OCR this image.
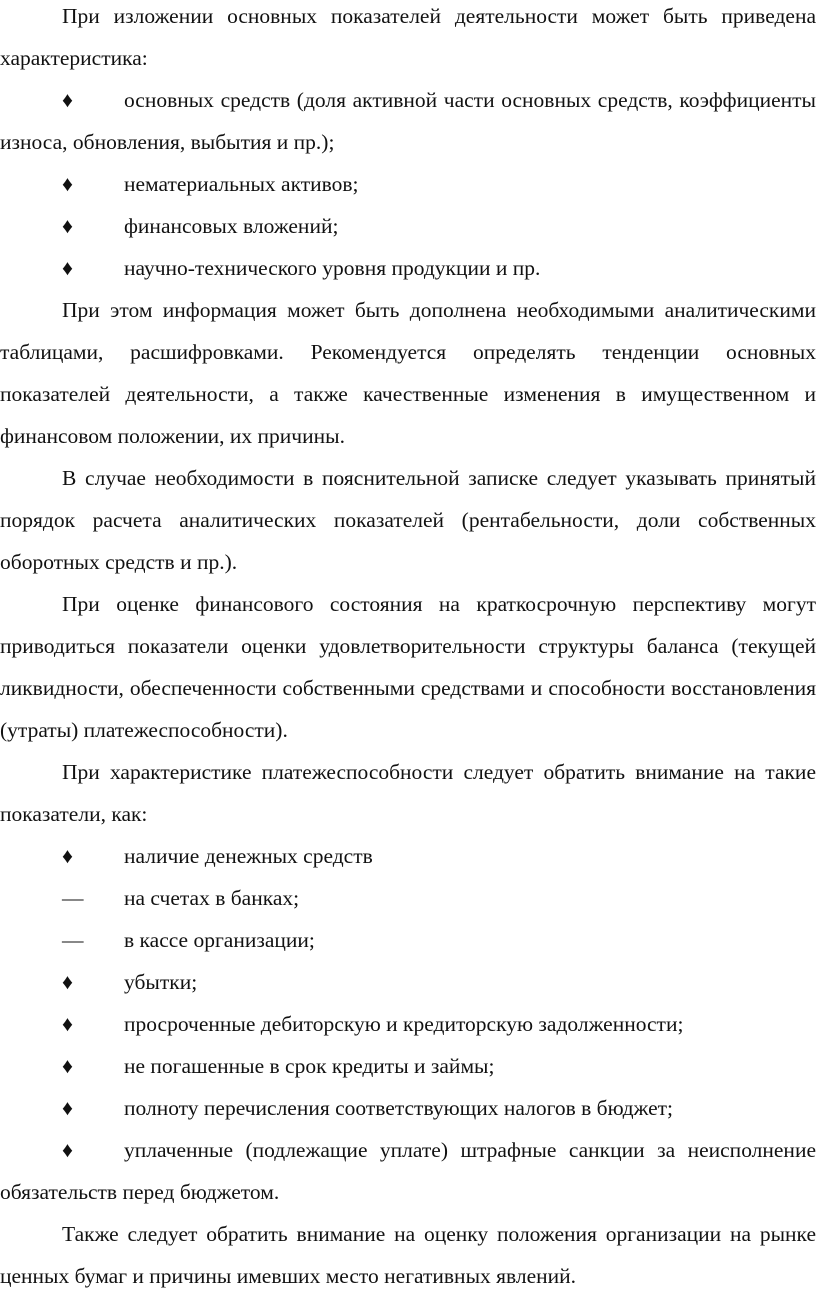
При изложении основных показателей деятельности может быть приведена характеристика:

♦ основных средств (доля активной части основных средств, коэффициенты износа, обновления, выбытия и пр.);

♦ нематериальных активов;

♦ финансовых вложений;

♦ научно-технического уровня продукции и пр.

При этом информация может быть дополнена необходимыми аналитическими таблицами, расшифровками. Рекомендуется определять тенденции основных показателей деятельности, а также качественные изменения в имущественном и финансовом положении, их причины.

В случае необходимости в пояснительной записке следует указывать принятый порядок расчета аналитических показателей (рентабельности, доли собственных оборотных средств и пр.).

При оценке финансового состояния на краткосрочную перспективу могут приводиться показатели оценки удовлетворительности структуры баланса (текущей ликвидности, обеспеченности собственными средствами и способности восстановления (утраты) платежеспособности).

При характеристике платежеспособности следует обратить внимание на такие показатели, как:

♦ наличие денежных средств

— на счетах в банках;

— в кассе организации;

♦ убытки;

♦ просроченные дебиторскую и кредиторскую задолженности;

♦ не погашенные в срок кредиты и займы;

♦ полноту перечисления соответствующих налогов в бюджет;

♦ уплаченные (подлежащие уплате) штрафные санкции за неисполнение обязательств перед бюджетом.

Также следует обратить внимание на оценку положения организации на рынке ценных бумаг и причины имевших место негативных явлений.
